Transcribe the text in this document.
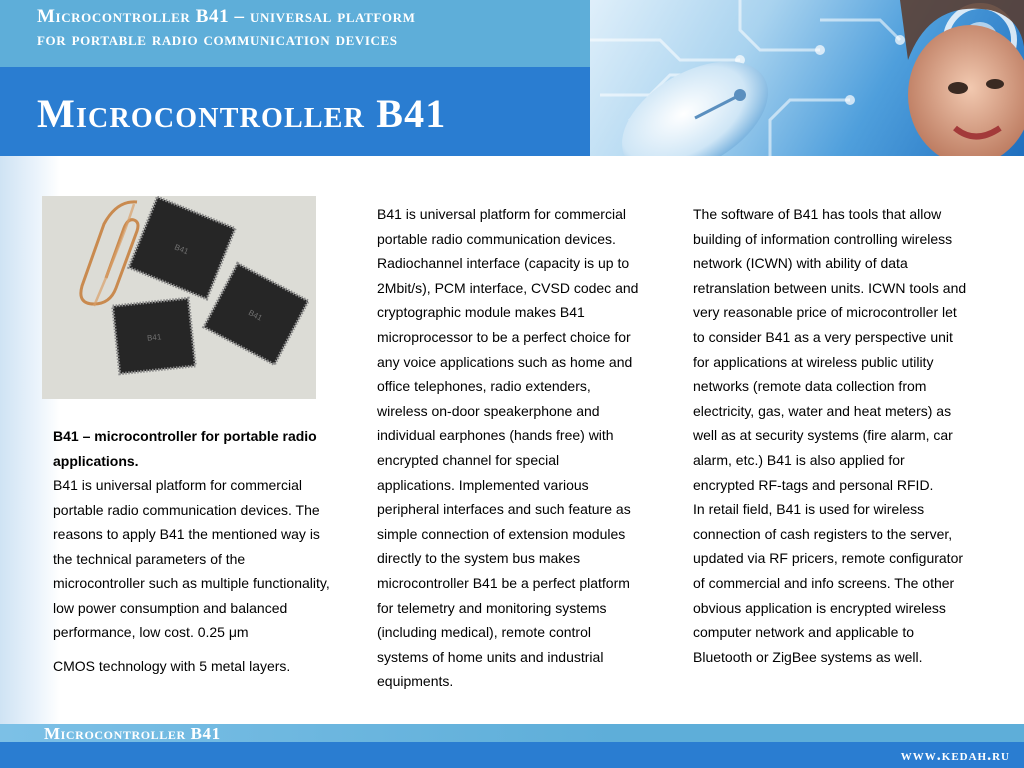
Microcontroller B41 – universal platform
for portable radio communication devices
Microcontroller B41
B41
B41
B41
B41 – microcontroller for portable radio applications.
B41 is universal platform for commercial portable radio communication devices. The reasons to apply B41 the mentioned way is the technical parameters of the microcontroller such as multiple functionality, low power consumption and balanced performance, low cost. 0.25 μm
CMOS technology with 5 metal layers.

B41 is universal platform for commercial portable radio communication devices. Radiochannel interface (capacity is up to 2Mbit/s), PCM interface, CVSD codec and cryptographic module makes B41 microprocessor to be a perfect choice for any voice applications such as home and office telephones, radio extenders, wireless on-door speakerphone and individual earphones (hands free) with encrypted channel for special applications. Implemented various peripheral interfaces and such feature as simple connection of extension modules directly to the system bus makes microcontroller B41 be a perfect platform for telemetry and monitoring systems (including medical), remote control systems of home units and industrial equipments.

The software of B41 has tools that allow building of information controlling wireless network (ICWN) with ability of data retranslation between units. ICWN tools and very reasonable price of microcontroller let to consider B41 as a very perspective unit for applications at wireless public utility networks (remote data collection from electricity, gas, water and heat meters) as well as at security systems (fire alarm, car alarm, etc.) B41 is also applied for encrypted RF-tags and personal RFID.

In retail field, B41 is used for wireless connection of cash registers to the server, updated via RF pricers, remote configurator of commercial and info screens. The other obvious application is encrypted wireless computer network and applicable to Bluetooth or ZigBee systems as well.

Microcontroller B41
www.kedah.ru
